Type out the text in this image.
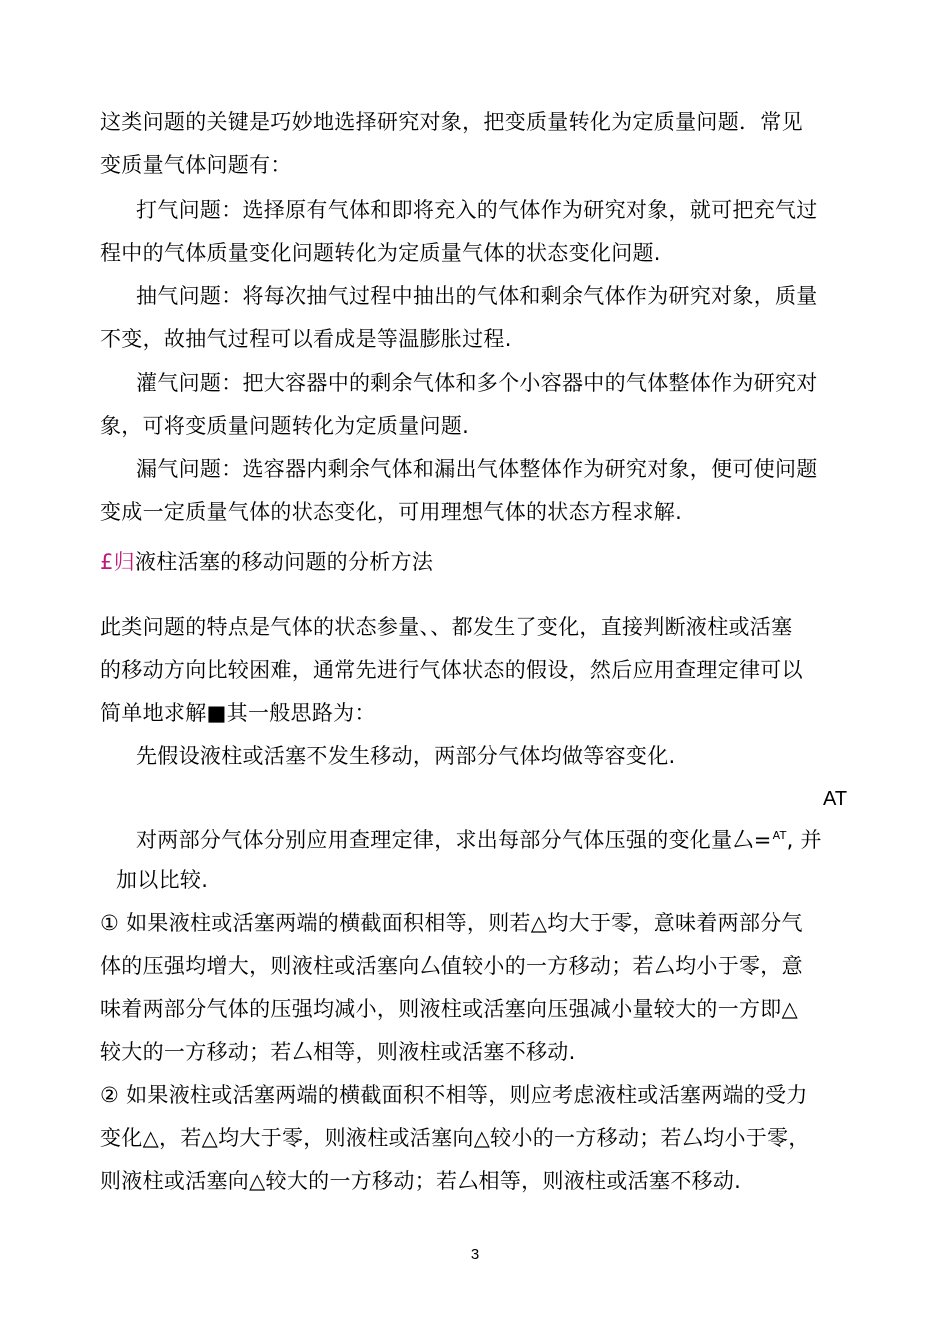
这类问题的关键是巧妙地选择研究对象，把变质量转化为定质量问题．常见
变质量气体问题有：
打气问题：选择原有气体和即将充入的气体作为研究对象，就可把充气过
程中的气体质量变化问题转化为定质量气体的状态变化问题.
抽气问题：将每次抽气过程中抽出的气体和剩余气体作为研究对象，质量
不变，故抽气过程可以看成是等温膨胀过程.
灌气问题：把大容器中的剩余气体和多个小容器中的气体整体作为研究对
象，可将变质量问题转化为定质量问题.
漏气问题：选容器内剩余气体和漏出气体整体作为研究对象，便可使问题
变成一定质量气体的状态变化，可用理想气体的状态方程求解.
£归液柱活塞的移动问题的分析方法
此类问题的特点是气体的状态参量、、都发生了变化，直接判断液柱或活塞
的移动方向比较困难，通常先进行气体状态的假设，然后应用查理定律可以
简单地求解■其一般思路为：
先假设液柱或活塞不发生移动，两部分气体均做等容变化.
AT
对两部分气体分别应用查理定律，求出每部分气体压强的变化量厶=$^{AT}$, 并
加以比较.
① 如果液柱或活塞两端的横截面积相等，则若△均大于零，意味着两部分气
体的压强均增大，则液柱或活塞向厶值较小的一方移动；若厶均小于零，意
味着两部分气体的压强均减小，则液柱或活塞向压强减小量较大的一方即△
较大的一方移动；若厶相等，则液柱或活塞不移动.
② 如果液柱或活塞两端的横截面积不相等，则应考虑液柱或活塞两端的受力
变化△，若△均大于零，则液柱或活塞向△较小的一方移动；若厶均小于零，
则液柱或活塞向△较大的一方移动；若厶相等，则液柱或活塞不移动.
3
